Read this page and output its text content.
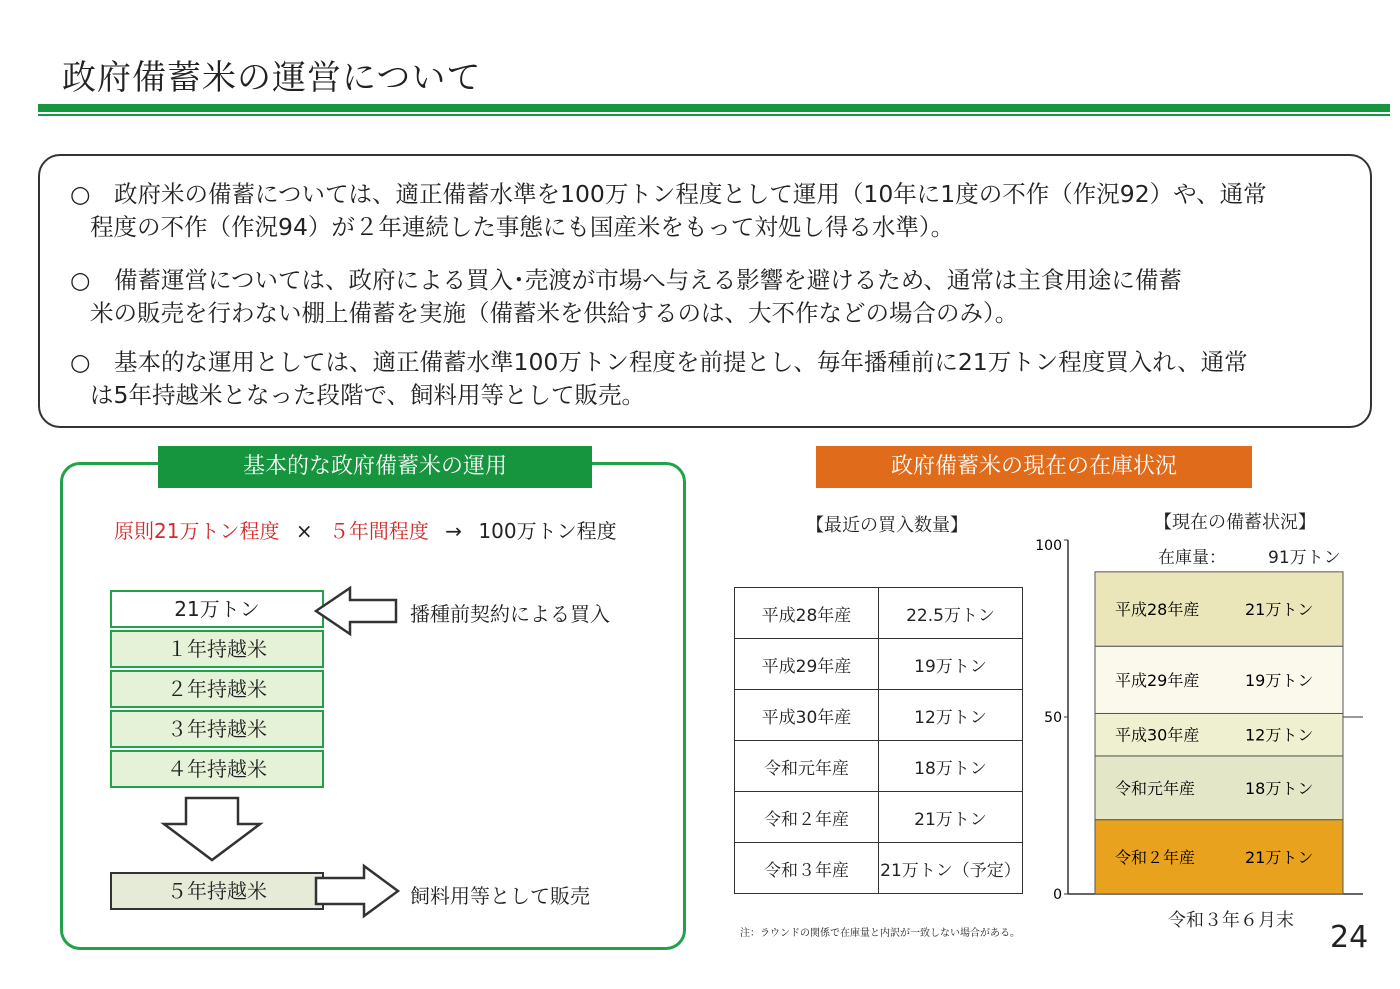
政府備蓄米の運営について
○ 政府米の備蓄については、適正備蓄水準を100万トン程度として運用（10年に1度の不作（作況92）や、通常
程度の不作（作況94）が２年連続した事態にも国産米をもって対処し得る水準）。
○ 備蓄運営については、政府による買入･売渡が市場へ与える影響を避けるため、通常は主食用途に備蓄
米の販売を行わない棚上備蓄を実施（備蓄米を供給するのは、大不作などの場合のみ）。
○ 基本的な運用としては、適正備蓄水準100万トン程度を前提とし、毎年播種前に21万トン程度買入れ、通常
は5年持越米となった段階で、飼料用等として販売。
基本的な政府備蓄米の運用
原則21万トン程度 × ５年間程度 → 100万トン程度
21万トン
１年持越米
２年持越米
３年持越米
４年持越米
５年持越米
播種前契約による買入
飼料用等として販売
政府備蓄米の現在の在庫状況
【最近の買入数量】
平成28年産	22.5万トン
平成29年産	19万トン
平成30年産	12万トン
令和元年産	18万トン
令和２年産	21万トン
令和３年産	21万トン（予定）
注：ラウンドの関係で在庫量と内訳が一致しない場合がある。
【現在の備蓄状況】
0
50
100
令和２年産	21万トン
令和元年産	18万トン
平成30年産	12万トン
平成29年産	19万トン
平成28年産	21万トン
在庫量： 91万トン
令和３年６月末 24
